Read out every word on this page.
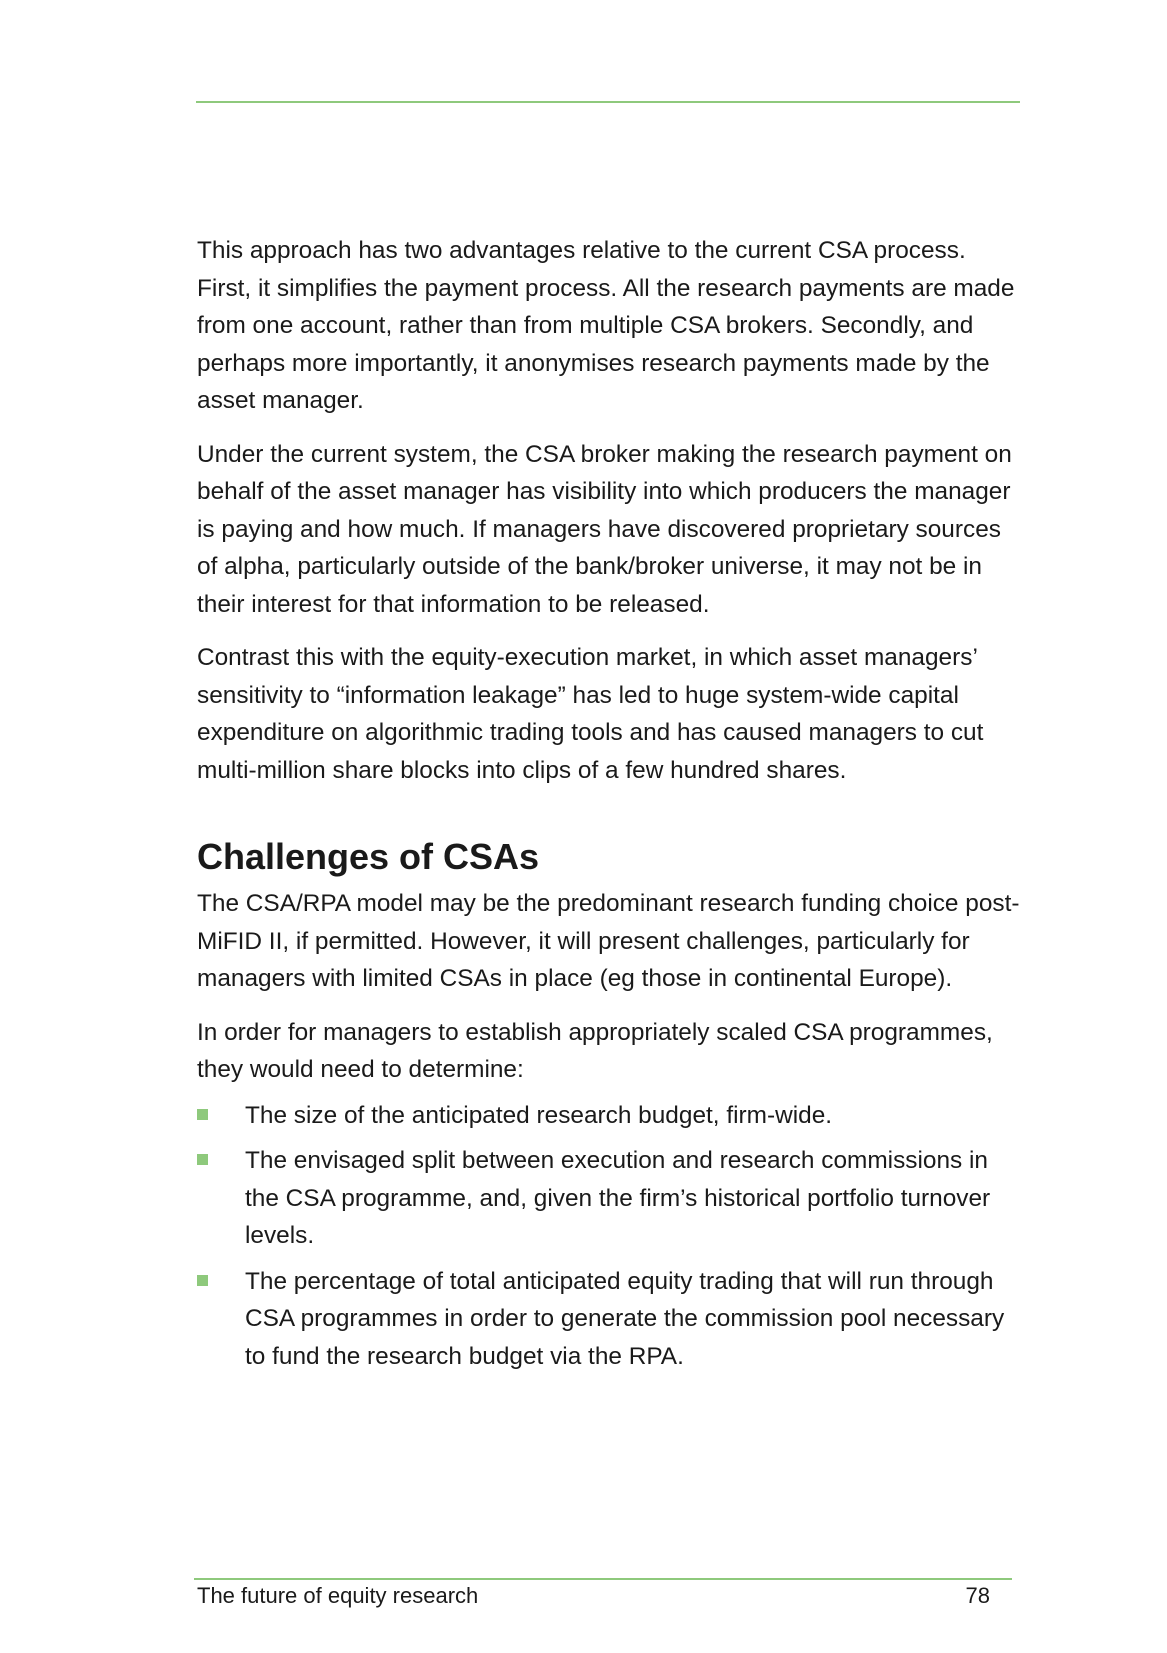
This approach has two advantages relative to the current CSA process. First, it simplifies the payment process. All the research payments are made from one account, rather than from multiple CSA brokers. Secondly, and perhaps more importantly, it anonymises research payments made by the asset manager.

Under the current system, the CSA broker making the research payment on behalf of the asset manager has visibility into which producers the manager is paying and how much. If managers have discovered proprietary sources of alpha, particularly outside of the bank/broker universe, it may not be in their interest for that information to be released.

Contrast this with the equity-execution market, in which asset managers’ sensitivity to “information leakage” has led to huge system-wide capital expenditure on algorithmic trading tools and has caused managers to cut multi-million share blocks into clips of a few hundred shares.

Challenges of CSAs

The CSA/RPA model may be the predominant research funding choice post-MiFID II, if permitted. However, it will present challenges, particularly for managers with limited CSAs in place (eg those in continental Europe).

In order for managers to establish appropriately scaled CSA programmes, they would need to determine:

The size of the anticipated research budget, firm-wide.
The envisaged split between execution and research commissions in the CSA programme, and, given the firm’s historical portfolio turnover levels.
The percentage of total anticipated equity trading that will run through CSA programmes in order to generate the commission pool necessary to fund the research budget via the RPA.
The future of equity research	78
